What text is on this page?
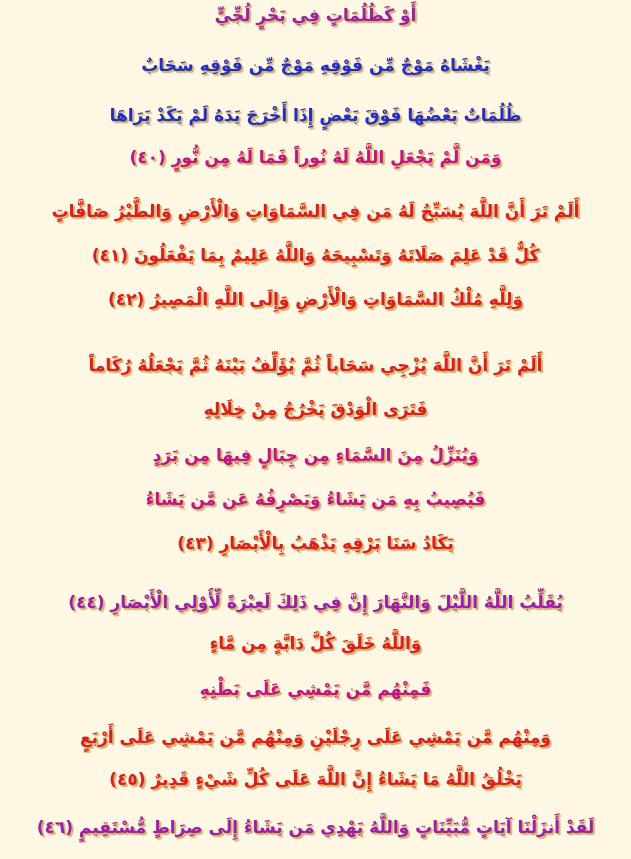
أَوْ كَظُلُمَاتٍ فِي بَحْرٍ لُجِّيٍّ
يَغْشَاهُ مَوْجٌ مِّن فَوْقِهِ مَوْجٌ مِّن فَوْقِهِ سَحَابٌ
ظُلُمَاتٌ بَعْضُهَا فَوْقَ بَعْضٍ إِذَا أَخْرَجَ يَدَهُ لَمْ يَكَدْ يَرَاهَا
وَمَن لَّمْ يَجْعَلِ اللَّهُ لَهُ نُوراً فَمَا لَهُ مِن نُّورٍ (٤٠)
أَلَمْ تَرَ أَنَّ اللَّهَ يُسَبِّحُ لَهُ مَن فِي السَّمَاوَاتِ وَالْأَرْضِ وَالطَّيْرُ صَافَّاتٍ
كُلٌّ قَدْ عَلِمَ صَلَاتَهُ وَتَسْبِيحَهُ وَاللَّهُ عَلِيمٌ بِمَا يَفْعَلُونَ (٤١)
وَلِلَّهِ مُلْكُ السَّمَاوَاتِ وَالْأَرْضِ وَإِلَى اللَّهِ الْمَصِيرُ (٤٢)
أَلَمْ تَرَ أَنَّ اللَّهَ يُزْجِي سَحَاباً ثُمَّ يُؤَلِّفُ بَيْنَهُ ثُمَّ يَجْعَلُهُ رُكَاماً
فَتَرَى الْوَدْقَ يَخْرُجُ مِنْ خِلَالِهِ
وَيُنَزِّلُ مِنَ السَّمَاءِ مِن جِبَالٍ فِيهَا مِن بَرَدٍ
فَيُصِيبُ بِهِ مَن يَشَاءُ وَيَصْرِفُهُ عَن مَّن يَشَاءُ
يَكَادُ سَنَا بَرْقِهِ يَذْهَبُ بِالْأَبْصَارِ (٤٣)
يُقَلِّبُ اللَّهُ اللَّيْلَ وَالنَّهَارَ إِنَّ فِي ذَلِكَ لَعِبْرَةً لِّأُوْلِي الْأَبْصَارِ (٤٤)
وَاللَّهُ خَلَقَ كُلَّ دَابَّةٍ مِن مَّاءٍ
فَمِنْهُم مَّن يَمْشِي عَلَى بَطْنِهِ
وَمِنْهُم مَّن يَمْشِي عَلَى رِجْلَيْنِ وَمِنْهُم مَّن يَمْشِي عَلَى أَرْبَعٍ
يَخْلُقُ اللَّهُ مَا يَشَاءُ إِنَّ اللَّهَ عَلَى كُلِّ شَيْءٍ قَدِيرٌ (٤٥)
لَقَدْ أَنزَلْنَا آيَاتٍ مُّبَيِّنَاتٍ وَاللَّهُ يَهْدِي مَن يَشَاءُ إِلَى صِرَاطٍ مُّسْتَقِيمٍ (٤٦)
